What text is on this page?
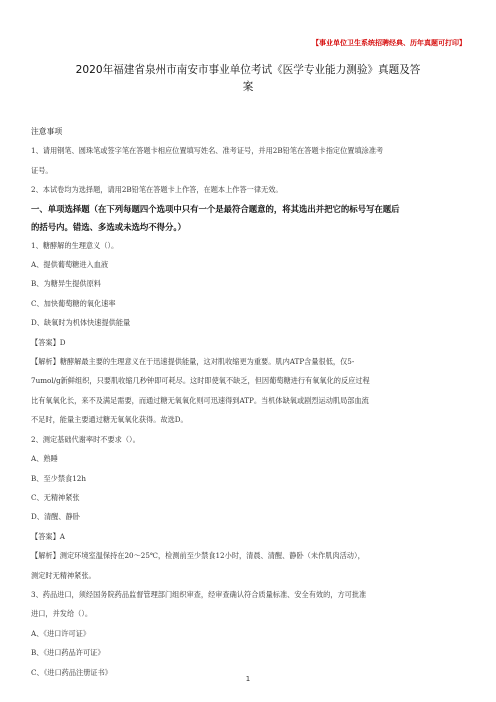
【事业单位卫生系统招聘经典、历年真题可打印】
2020年福建省泉州市南安市事业单位考试《医学专业能力测验》真题及答
案

注意事项

1、请用钢笔、圆珠笔或签字笔在答题卡相应位置填写姓名、准考证号，并用2B铅笔在答题卡指定位置填涂准考

证号。

2、本试卷均为选择题，请用2B铅笔在答题卡上作答，在题本上作答一律无效。

一、单项选择题（在下列每题四个选项中只有一个是最符合题意的，将其选出并把它的标号写在题后

的括号内。错选、多选或未选均不得分。）

1、糖酵解的生理意义（）。

A、提供葡萄糖进入血液

B、为糖异生提供原料

C、加快葡萄糖的氧化速率

D、缺氧时为机体快速提供能量

【答案】D

【解析】糖酵解最主要的生理意义在于迅速提供能量，这对肌收缩更为重要。肌内ATP含量很低，仅5-

7umol/g新鲜组织，只要肌收缩几秒钟即可耗尽。这时即使氧不缺乏，但因葡萄糖进行有氧氧化的反应过程

比有氧氧化长，来不及满足需要，而通过糖无氧氧化则可迅速得到ATP。当机体缺氧或剧烈运动肌局部血流

不足时，能量主要通过糖无氧氧化获得。故选D。

2、测定基础代谢率时不要求（）。

A、熟睡

B、至少禁食12h

C、无精神紧张

D、清醒、静卧

【答案】A

【解析】测定环境室温保持在20～25℃，检测前至少禁食12小时，清晨、清醒、静卧（未作肌肉活动），

测定时无精神紧张。

3、药品进口，须经国务院药品监督管理部门组织审查，经审查确认符合质量标准、安全有效的，方可批准

进口，并发给（）。

A、《进口许可证》

B、《进口药品许可证》

C、《进口药品注册证书》

1
